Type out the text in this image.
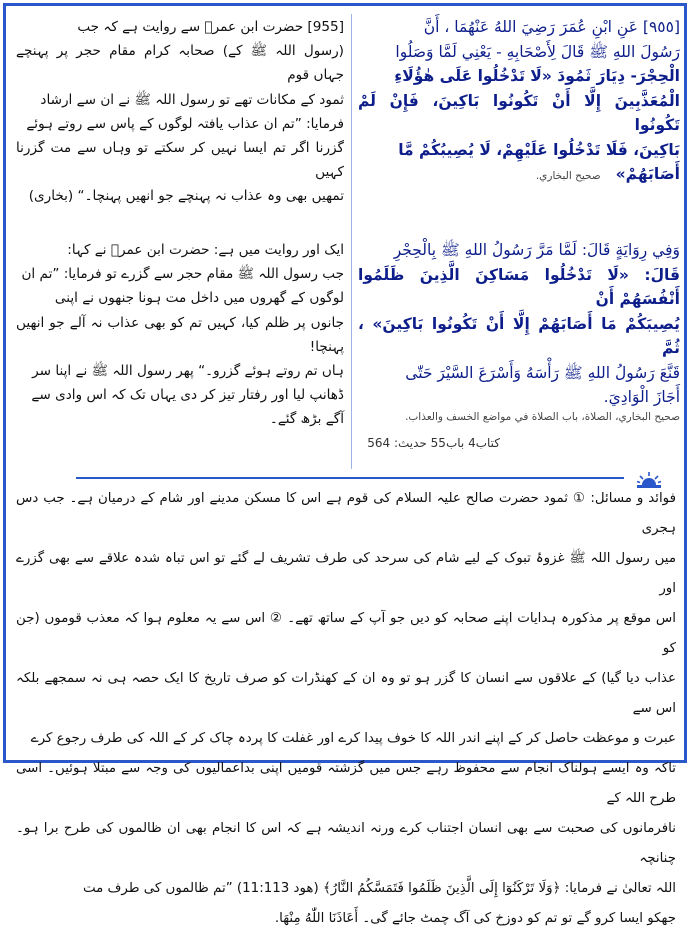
[٩٥٥] عَنِ ابْنِ عُمَرَ رَضِيَ اللهُ عَنْهُمَا ، أَنَّ
رَسُولَ اللهِ ﷺ قَالَ لِأَصْحَابِهِ - يَعْنِي لَمَّا وَصَلُوا
الْحِجْرَ- دِيَارَ ثَمُودَ «لَا تَدْخُلُوا عَلَى هٰؤُلَاءِ
الْمُعَذَّبِينَ إِلَّا أَنْ تَكُونُوا بَاكِينَ، فَإِنْ لَمْ تَكُونُوا
بَاكِينَ، فَلَا تَدْخُلُوا عَلَيْهِمْ، لَا يُصِيبُكُمْ مَّا
أَصَابَهُمْ» صحيح البخاري.
وَفِي رِوَايَةٍ قَالَ: لَمَّا مَرَّ رَسُولُ اللهِ ﷺ بِالْحِجْرِ
قَالَ: «لَا تَدْخُلُوا مَسَاكِنَ الَّذِينَ ظَلَمُوا أَنْفُسَهُمْ أَنْ
يُصِيبَكُمْ مَا أَصَابَهُمْ إِلَّا أَنْ تَكُونُوا بَاكِينَ» ، ثُمَّ
قَنَّعَ رَسُولُ اللهِ ﷺ رَأْسَهُ وَأَسْرَعَ السَّيْرَ حَتّٰى
أَجَازَ الْوَادِيَ.
صحيح البخاري، الصلاة، باب الصلاة في مواضع الخسف والعذاب.
کتاب4 باب55 حدیث: 564
[955] حضرت ابن عمرؓ سے روایت ہے کہ جب
(رسول اللہ ﷺ کے) صحابہ کرام مقام حجر پر پہنچے جہاں قوم
ثمود کے مکانات تھے تو رسول اللہ ﷺ نے ان سے ارشاد
فرمایا: ”تم ان عذاب یافتہ لوگوں کے پاس سے روتے ہوئے
گزرنا اگر تم ایسا نہیں کر سکتے تو وہاں سے مت گزرنا کہیں
تمھیں بھی وہ عذاب نہ پہنچے جو انھیں پہنچا۔“ (بخاری)
ایک اور روایت میں ہے: حضرت ابن عمرؓ نے کہا:
جب رسول اللہ ﷺ مقام حجر سے گزرے تو فرمایا: ”تم ان
لوگوں کے گھروں میں داخل مت ہونا جنھوں نے اپنی
جانوں پر ظلم کیا، کہیں تم کو بھی عذاب نہ آلے جو انھیں پہنچا!
ہاں تم روتے ہوئے گزرو۔“ پھر رسول اللہ ﷺ نے اپنا سر
ڈھانپ لیا اور رفتار تیز کر دی یہاں تک کہ اس وادی سے
آگے بڑھ گئے۔
فوائد و مسائل: ① ثمود حضرت صالح علیہ السلام کی قوم ہے اس کا مسکن مدینے اور شام کے درمیان ہے۔ جب دس ہجری
میں رسول اللہ ﷺ غزوۂ تبوک کے لیے شام کی سرحد کی طرف تشریف لے گئے تو اس تباہ شدہ علاقے سے بھی گزرے اور
اس موقع پر مذکورہ ہدایات اپنے صحابہ کو دیں جو آپ کے ساتھ تھے۔ ② اس سے یہ معلوم ہوا کہ معذب قوموں (جن کو
عذاب دیا گیا) کے علاقوں سے انسان کا گزر ہو تو وہ ان کے کھنڈرات کو صرف تاریخ کا ایک حصہ ہی نہ سمجھے بلکہ اس سے
عبرت و موعظت حاصل کر کے اپنے اندر اللہ کا خوف پیدا کرے اور غفلت کا پردہ چاک کر کے اللہ کی طرف رجوع کرے
تاکہ وہ ایسے ہولناک انجام سے محفوظ رہے جس میں گزشتہ قومیں اپنی بداعمالیوں کی وجہ سے مبتلا ہوئیں۔ اسی طرح اللہ کے
نافرمانوں کی صحبت سے بھی انسان اجتناب کرے ورنہ اندیشہ ہے کہ اس کا انجام بھی ان ظالموں کی طرح برا ہو۔ چنانچہ
اللہ تعالیٰ نے فرمایا: ﴿وَلَا تَرْكَنُوٓا إِلَى الَّذِينَ ظَلَمُوا فَتَمَسَّكُمُ النَّارُ﴾ (ھود 11:113) ”تم ظالموں کی طرف مت
جھکو ایسا کرو گے تو تم کو دوزخ کی آگ چمٹ جائے گی۔ أَعَاذَنَا اللّٰهُ مِنْهَا.
